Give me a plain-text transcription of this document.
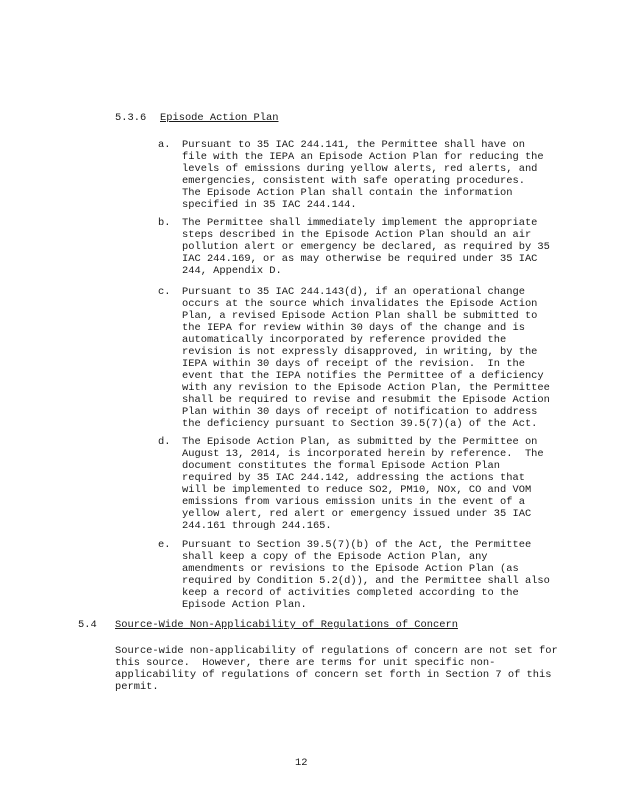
5.3.6 Episode Action Plan
a. Pursuant to 35 IAC 244.141, the Permittee shall have on
file with the IEPA an Episode Action Plan for reducing the
levels of emissions during yellow alerts, red alerts, and
emergencies, consistent with safe operating procedures.
The Episode Action Plan shall contain the information
specified in 35 IAC 244.144.
b. The Permittee shall immediately implement the appropriate
steps described in the Episode Action Plan should an air
pollution alert or emergency be declared, as required by 35
IAC 244.169, or as may otherwise be required under 35 IAC
244, Appendix D.
c. Pursuant to 35 IAC 244.143(d), if an operational change
occurs at the source which invalidates the Episode Action
Plan, a revised Episode Action Plan shall be submitted to
the IEPA for review within 30 days of the change and is
automatically incorporated by reference provided the
revision is not expressly disapproved, in writing, by the
IEPA within 30 days of receipt of the revision.  In the
event that the IEPA notifies the Permittee of a deficiency
with any revision to the Episode Action Plan, the Permittee
shall be required to revise and resubmit the Episode Action
Plan within 30 days of receipt of notification to address
the deficiency pursuant to Section 39.5(7)(a) of the Act.
d. The Episode Action Plan, as submitted by the Permittee on
August 13, 2014, is incorporated herein by reference.  The
document constitutes the formal Episode Action Plan
required by 35 IAC 244.142, addressing the actions that
will be implemented to reduce SO2, PM10, NOx, CO and VOM
emissions from various emission units in the event of a
yellow alert, red alert or emergency issued under 35 IAC
244.161 through 244.165.
e. Pursuant to Section 39.5(7)(b) of the Act, the Permittee
shall keep a copy of the Episode Action Plan, any
amendments or revisions to the Episode Action Plan (as
required by Condition 5.2(d)), and the Permittee shall also
keep a record of activities completed according to the
Episode Action Plan.
5.4 Source-Wide Non-Applicability of Regulations of Concern
Source-wide non-applicability of regulations of concern are not set for
this source.  However, there are terms for unit specific non-
applicability of regulations of concern set forth in Section 7 of this
permit.
12
